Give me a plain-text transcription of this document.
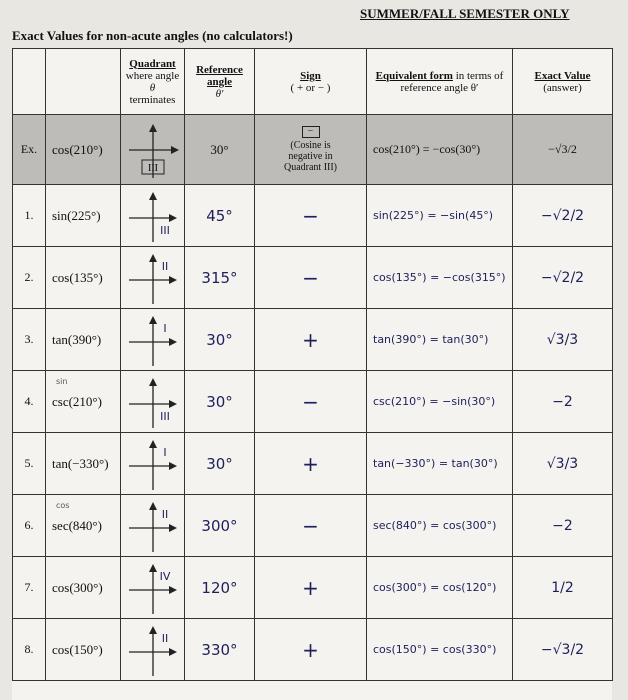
SUMMER/FALL SEMESTER ONLY
Exact Values for non-acute angles (no calculators!)
		Quadrant
where angle
θ
terminates	Reference
angle
θ′	Sign
( + or − )	Equivalent form in terms of
reference angle θ′	Exact Value
(answer)
Ex.	cos(210°)	III	30°	−
(Cosine is
negative in
Quadrant III)	cos(210°) = −cos(30°)	−√3/2
1.	sin(225°)	III	45°	−	sin(225°) = −sin(45°)	−√2/2
2.	cos(135°)	II	315°	−	cos(135°) = −cos(315°)	−√2/2
3.	tan(390°)	I	30°	+	tan(390°) = tan(30°)	√3/3
4.	sin
csc(210°)	III	30°	−	csc(210°) = −sin(30°)	−2
5.	tan(−330°)	I	30°	+	tan(−330°) = tan(30°)	√3/3
6.	cos
sec(840°)	II	300°	−	sec(840°) = cos(300°)	−2
7.	cos(300°)	IV	120°	+	cos(300°) = cos(120°)	1/2
8.	cos(150°)	II	330°	+	cos(150°) = cos(330°)	−√3/2
